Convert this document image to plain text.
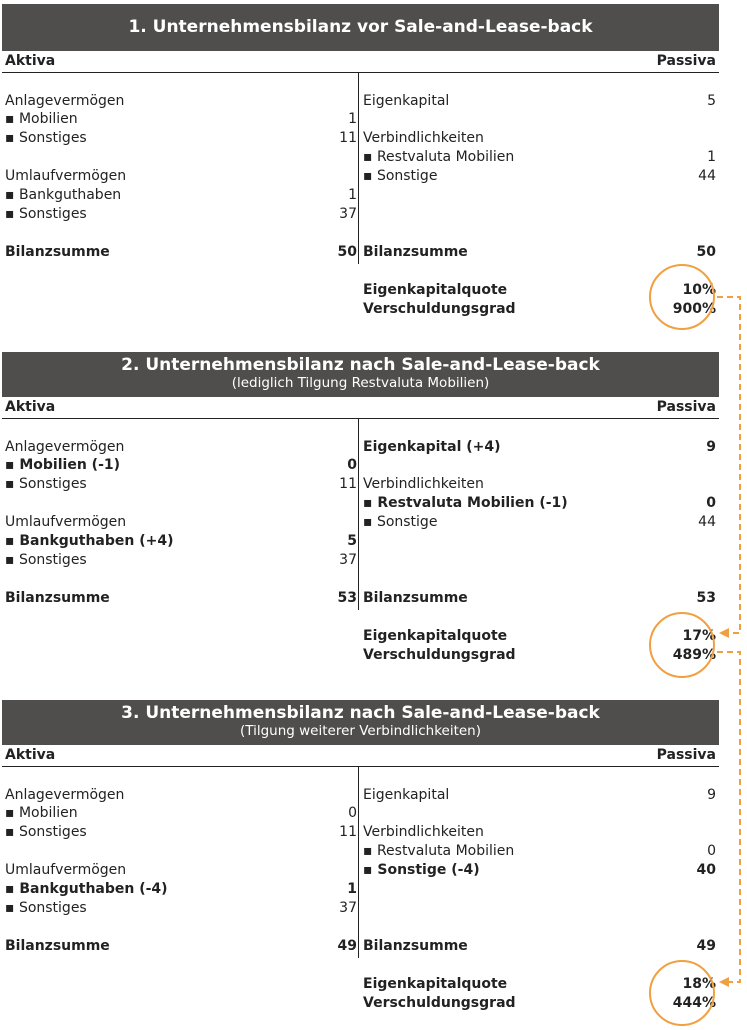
1. Unternehmensbilanz vor Sale-and-Lease-back
Aktiva	Passiva
Anlagevermögen
▪ Mobilien	1
▪ Sonstiges	11
Umlaufvermögen
▪ Bankguthaben	1
▪ Sonstiges	37
Bilanzsumme	50
Eigenkapital	5
Verbindlichkeiten
▪ Restvaluta Mobilien	1
▪ Sonstige	44
Bilanzsumme	50
Eigenkapitalquote	10%
Verschuldungsgrad	900%
2. Unternehmensbilanz nach Sale-and-Lease-back
(lediglich Tilgung Restvaluta Mobilien)
Aktiva	Passiva
Anlagevermögen
▪ Mobilien (-1)	0
▪ Sonstiges	11
Umlaufvermögen
▪ Bankguthaben (+4)	5
▪ Sonstiges	37
Bilanzsumme	53
Eigenkapital (+4)	9
Verbindlichkeiten
▪ Restvaluta Mobilien (-1)	0
▪ Sonstige	44
Bilanzsumme	53
Eigenkapitalquote	17%
Verschuldungsgrad	489%
3. Unternehmensbilanz nach Sale-and-Lease-back
(Tilgung weiterer Verbindlichkeiten)
Aktiva	Passiva
Anlagevermögen
▪ Mobilien	0
▪ Sonstiges	11
Umlaufvermögen
▪ Bankguthaben (-4)	1
▪ Sonstiges	37
Bilanzsumme	49
Eigenkapital	9
Verbindlichkeiten
▪ Restvaluta Mobilien	0
▪ Sonstige (-4)	40
Bilanzsumme	49
Eigenkapitalquote	18%
Verschuldungsgrad	444%
